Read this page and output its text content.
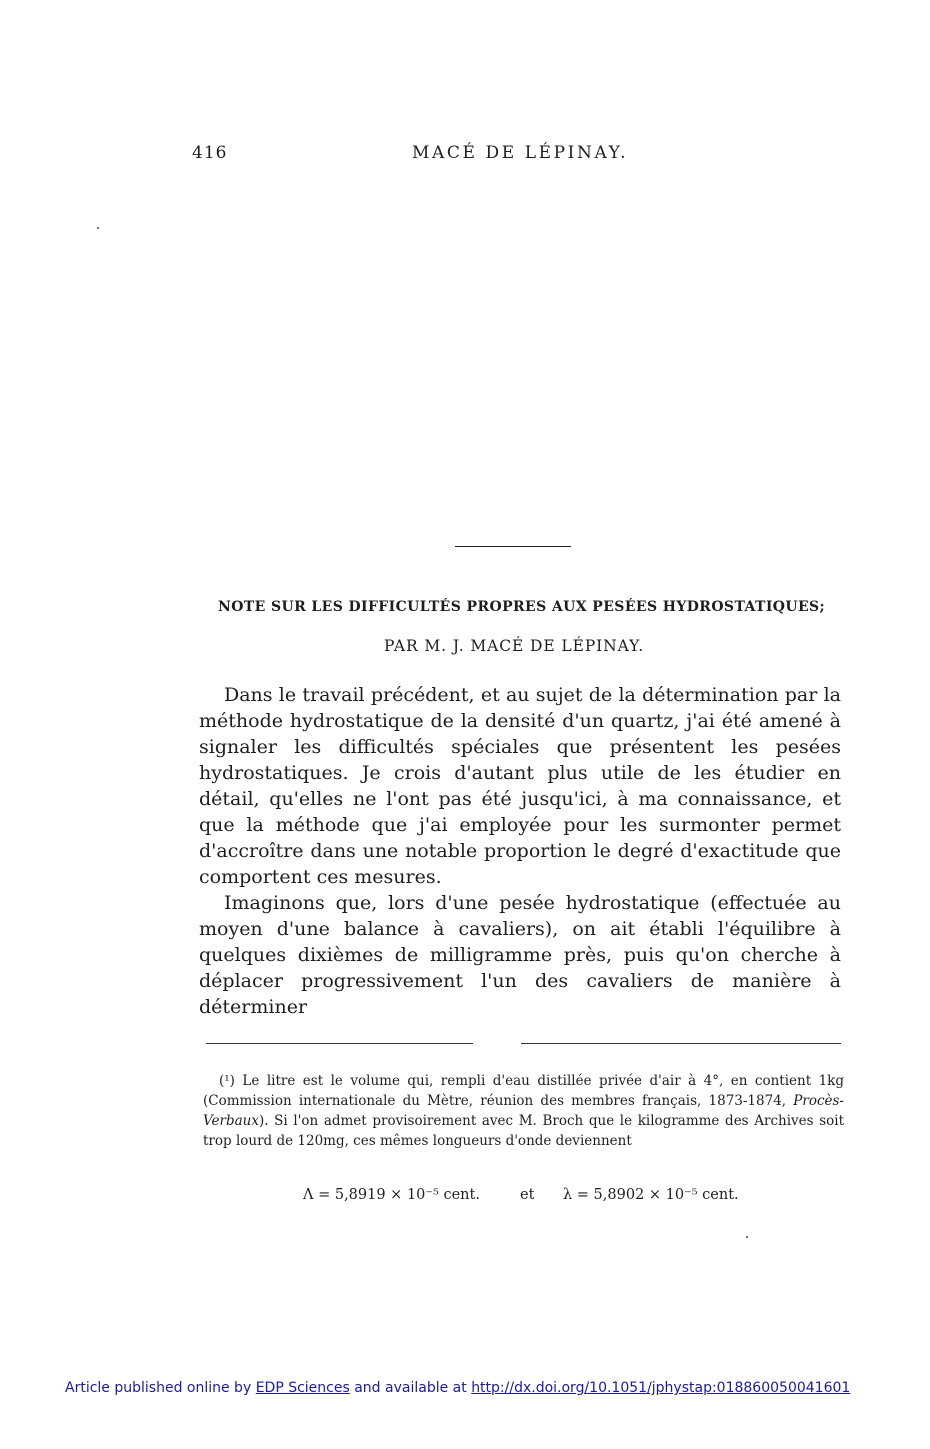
416	MACÉ DE LÉPINAY.
NOTE SUR LES DIFFICULTÉS PROPRES AUX PESÉES HYDROSTATIQUES;
PAR M. J. MACÉ DE LÉPINAY.

Dans le travail précédent, et au sujet de la détermination par la méthode hydrostatique de la densité d'un quartz, j'ai été amené à signaler les difficultés spéciales que présentent les pesées hydrostatiques. Je crois d'autant plus utile de les étudier en détail, qu'elles ne l'ont pas été jusqu'ici, à ma connaissance, et que la méthode que j'ai employée pour les surmonter permet d'accroître dans une notable proportion le degré d'exactitude que comportent ces mesures.

Imaginons que, lors d'une pesée hydrostatique (effectuée au moyen d'une balance à cavaliers), on ait établi l'équilibre à quelques dixièmes de milligramme près, puis qu'on cherche à déplacer progressivement l'un des cavaliers de manière à déterminer

(¹) Le litre est le volume qui, rempli d'eau distillée privée d'air à 4°, en contient 1kg (Commission internationale du Mètre, réunion des membres français, 1873-1874, Procès-Verbaux). Si l'on admet provisoirement avec M. Broch que le kilogramme des Archives soit trop lourd de 120mg, ces mêmes longueurs d'onde deviennent

Λ = 5,8919 × 10⁻⁵ cent.	et λ = 5,8902 × 10⁻⁵ cent.
Article published online by EDP Sciences and available at http://dx.doi.org/10.1051/jphystap:018860050041601
